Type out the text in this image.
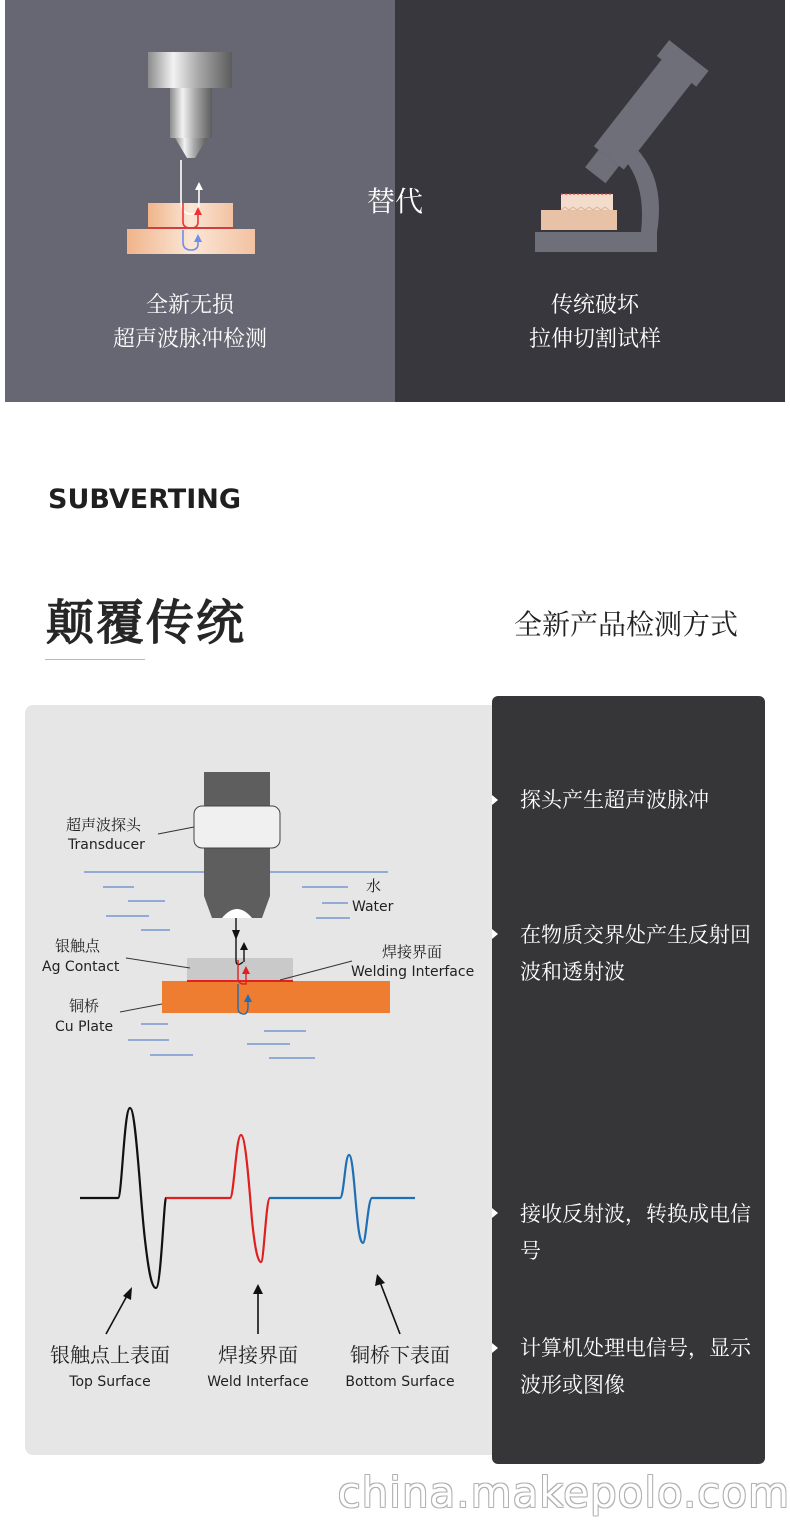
替代
全新无损
超声波脉冲检测
传统破坏
拉伸切割试样
SUBVERTING
颠覆传统	全新产品检测方式
超声波探头
Transducer
水
Water
银触点
Ag Contact
焊接界面
Welding Interface
铜桥
Cu Plate
银触点上表面
Top Surface
焊接界面
Weld Interface
铜桥下表面
Bottom Surface
探头产生超声波脉冲
在物质交界处产生反射回波和透射波
接收反射波，转换成电信号
计算机处理电信号，显示波形或图像
china.makepolo.com
